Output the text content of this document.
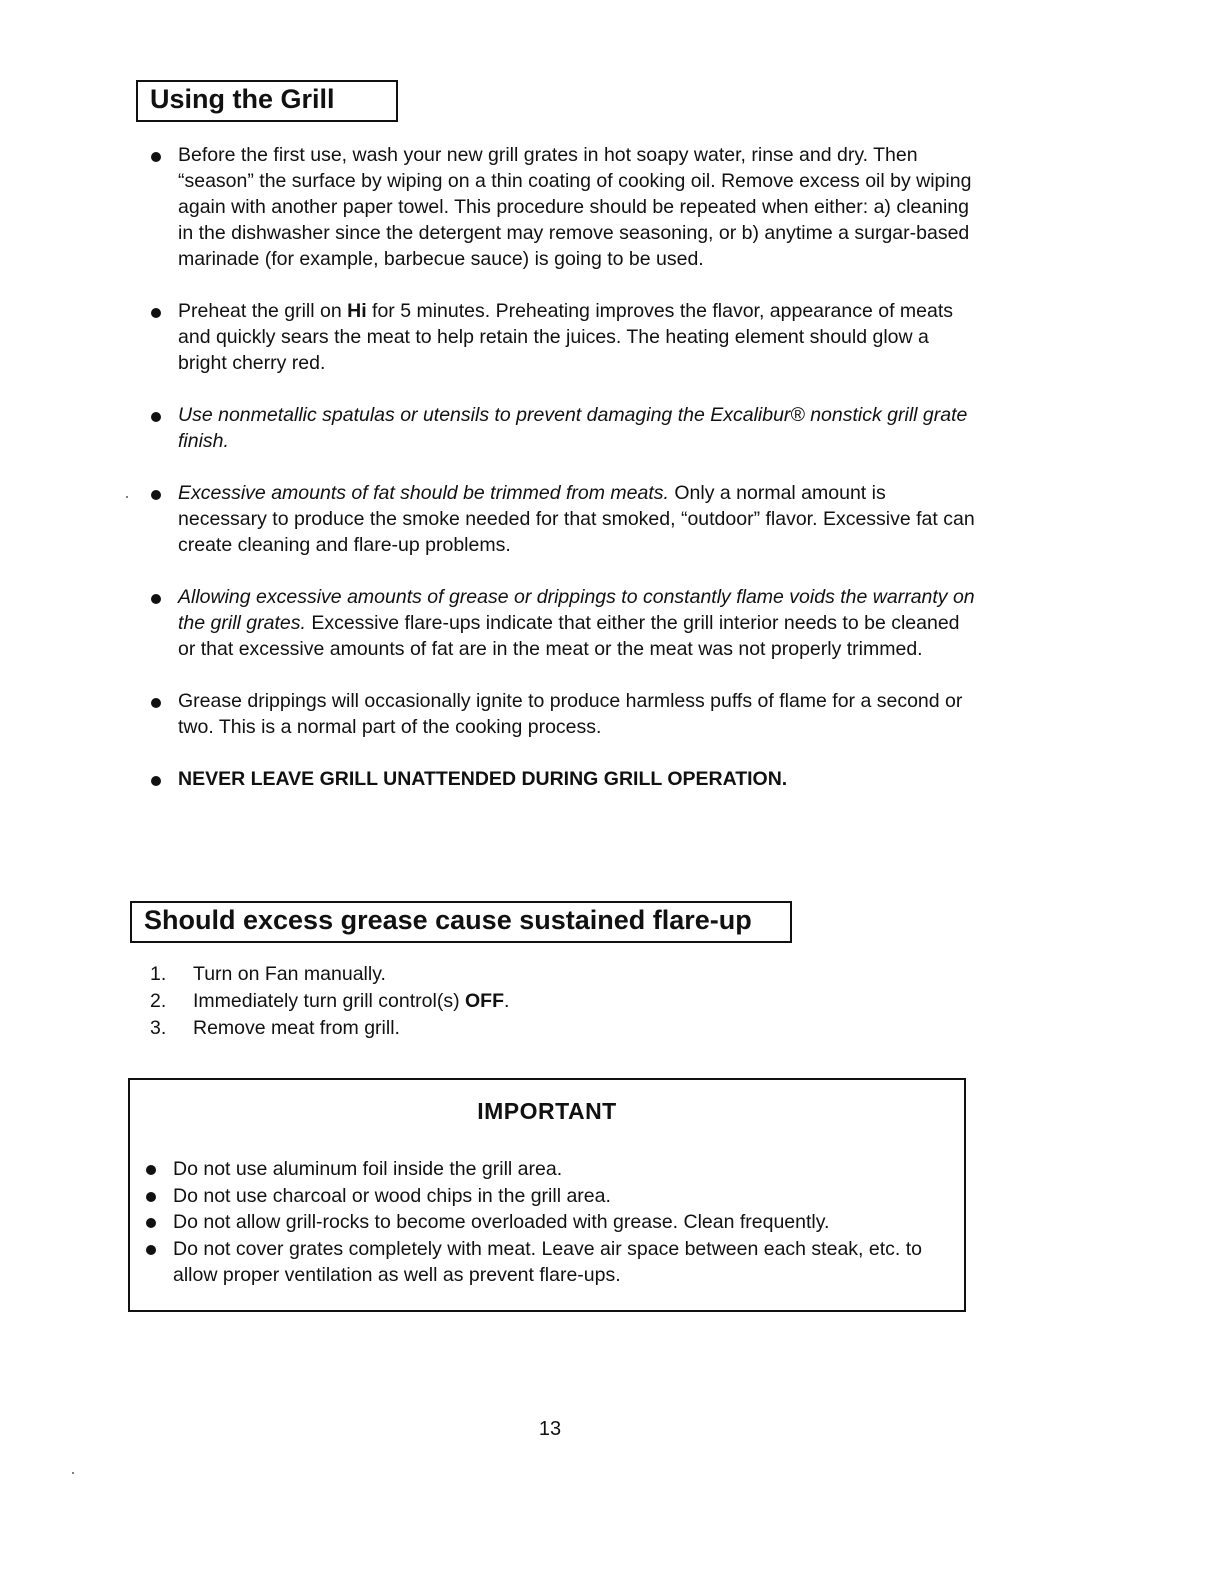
Using the Grill
Before the first use, wash your new grill grates in hot soapy water, rinse and dry. Then “season” the surface by wiping on a thin coating of cooking oil. Remove excess oil by wiping again with another paper towel. This procedure should be repeated when either: a) cleaning in the dishwasher since the detergent may remove seasoning, or b) anytime a surgar-based marinade (for example, barbecue sauce) is going to be used.
Preheat the grill on Hi for 5 minutes. Preheating improves the flavor, appearance of meats and quickly sears the meat to help retain the juices. The heating element should glow a bright cherry red.
Use nonmetallic spatulas or utensils to prevent damaging the Excalibur® nonstick grill grate finish.
Excessive amounts of fat should be trimmed from meats. Only a normal amount is necessary to produce the smoke needed for that smoked, “outdoor” flavor. Excessive fat can create cleaning and flare-up problems.
Allowing excessive amounts of grease or drippings to constantly flame voids the warranty on the grill grates. Excessive flare-ups indicate that either the grill interior needs to be cleaned or that excessive amounts of fat are in the meat or the meat was not properly trimmed.
Grease drippings will occasionally ignite to produce harmless puffs of flame for a second or two. This is a normal part of the cooking process.
NEVER LEAVE GRILL UNATTENDED DURING GRILL OPERATION.
Should excess grease cause sustained flare-up
1. Turn on Fan manually.
2. Immediately turn grill control(s) OFF.
3. Remove meat from grill.
IMPORTANT
Do not use aluminum foil inside the grill area.
Do not use charcoal or wood chips in the grill area.
Do not allow grill-rocks to become overloaded with grease. Clean frequently.
Do not cover grates completely with meat. Leave air space between each steak, etc. to allow proper ventilation as well as prevent flare-ups.
13
